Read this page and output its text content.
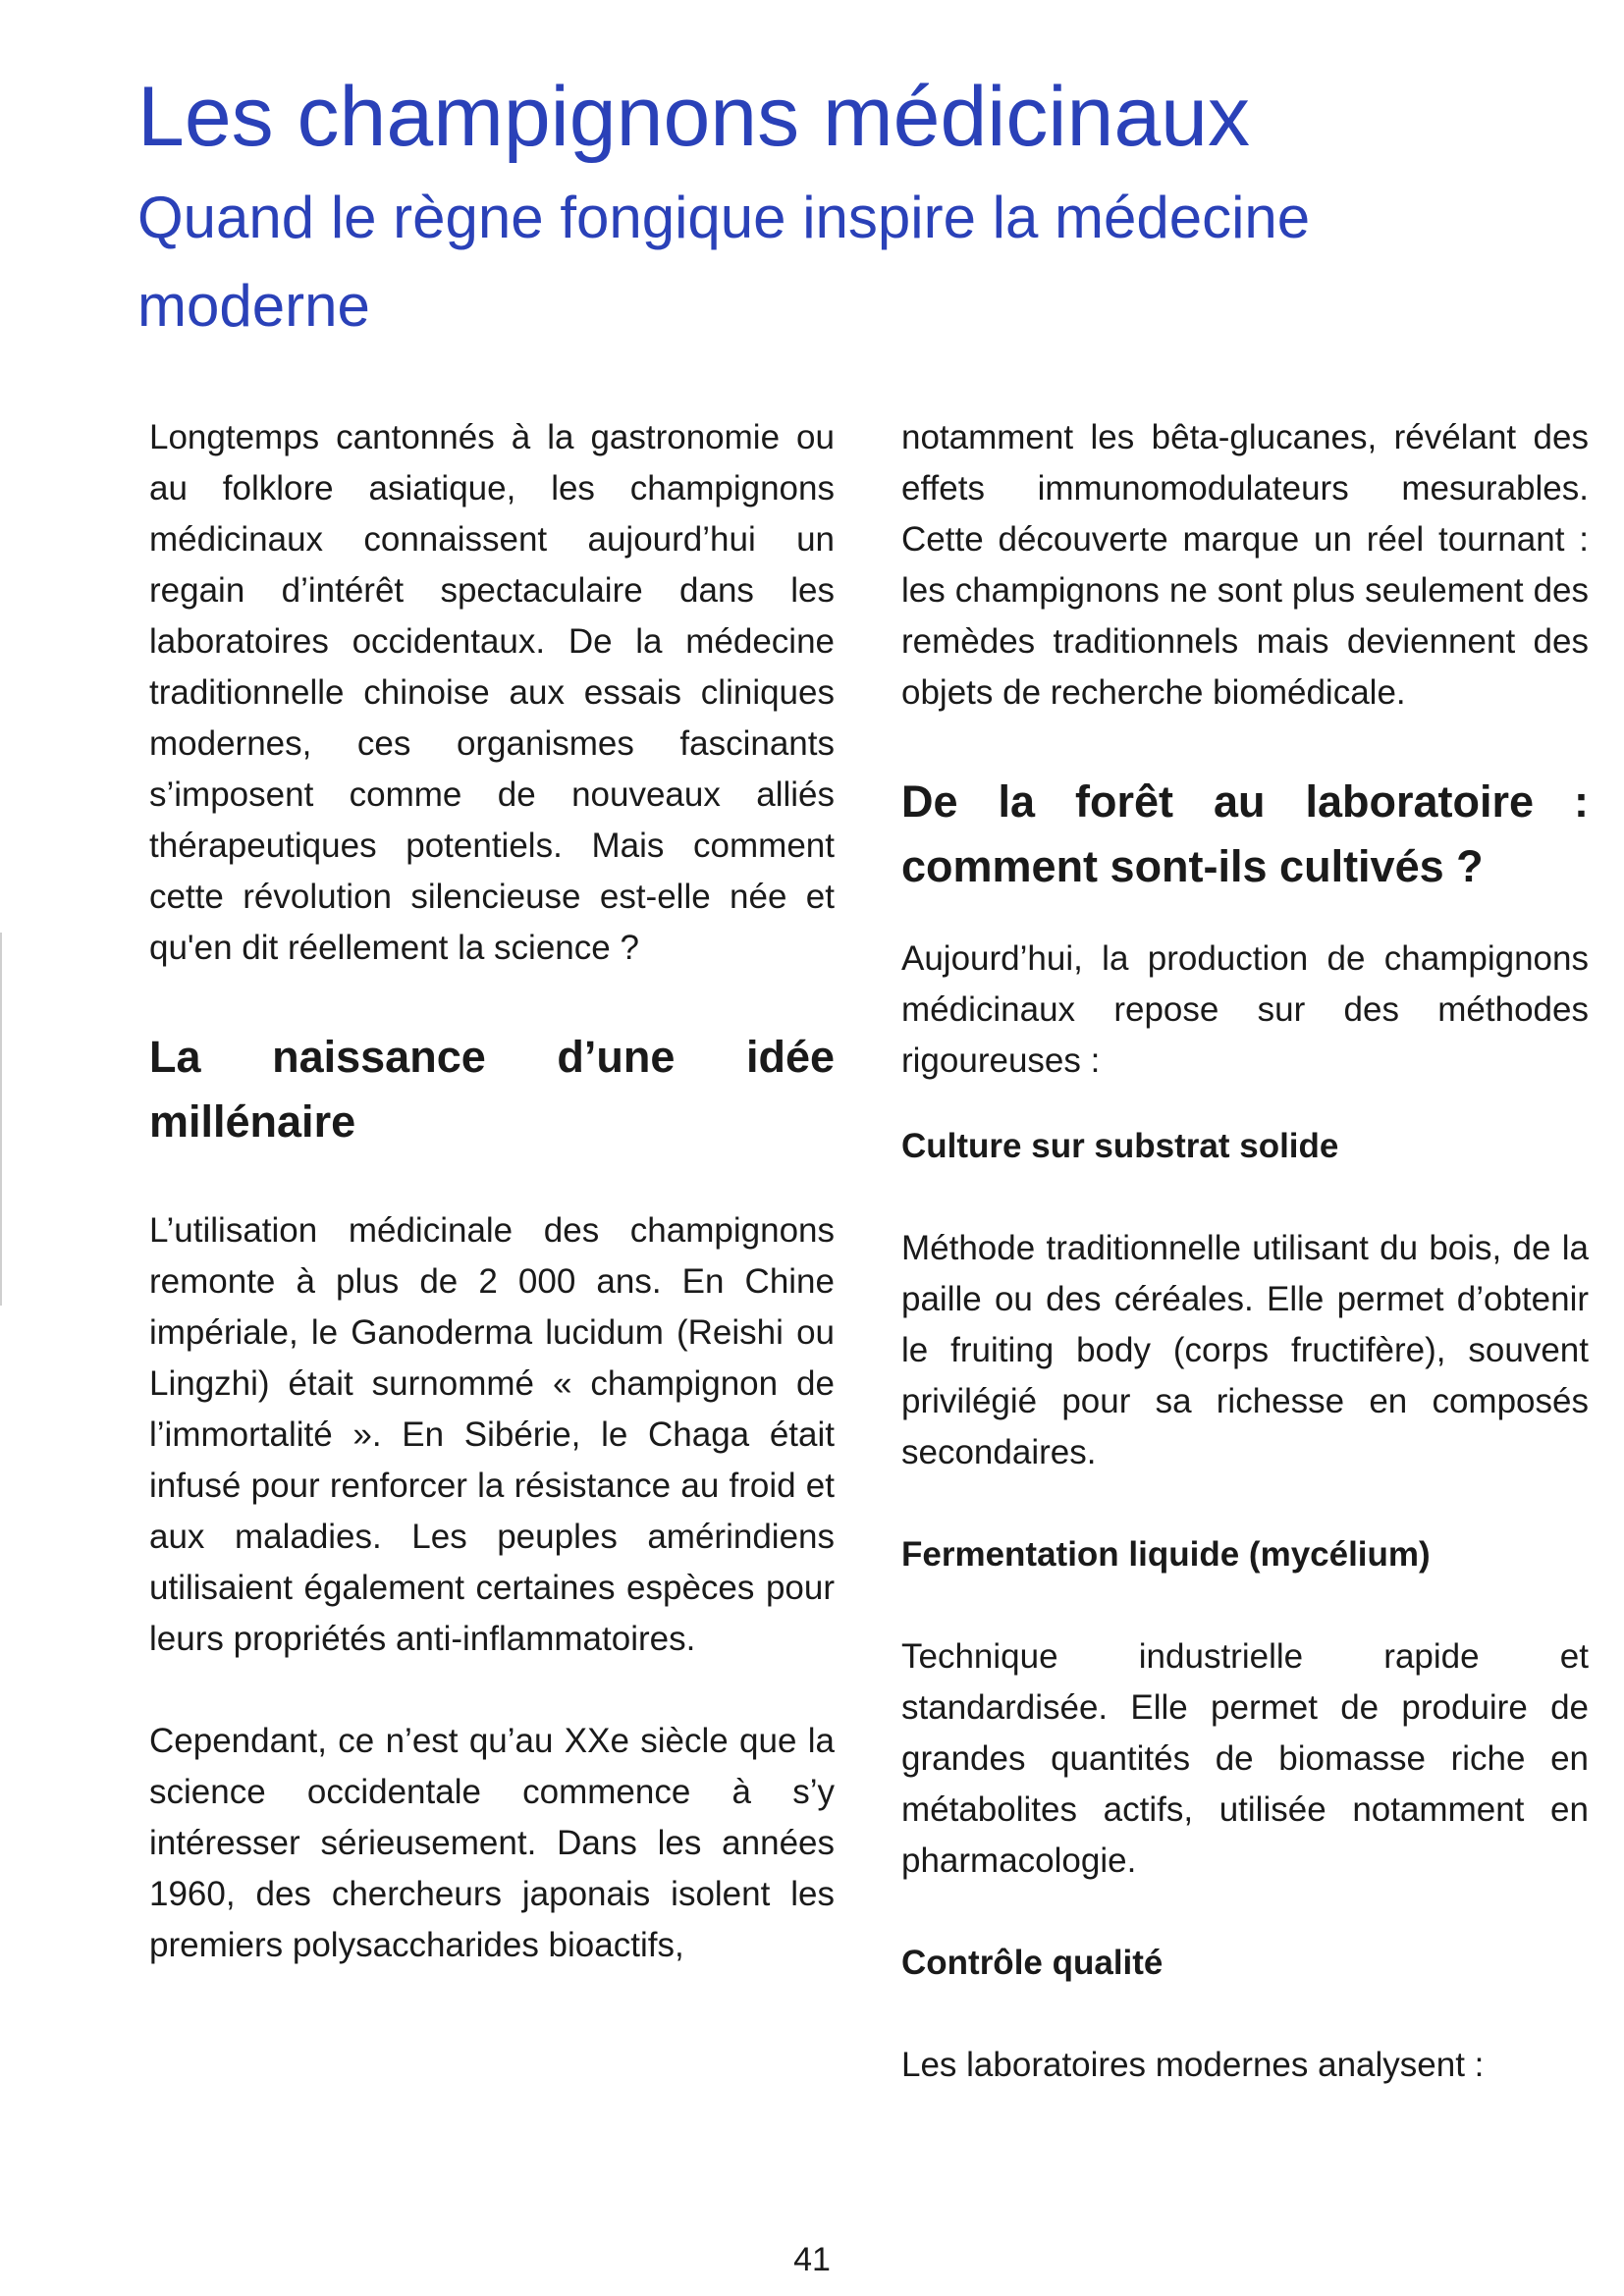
Les champignons médicinaux
Quand le règne fongique inspire la médecine moderne

Longtemps cantonnés à la gastronomie ou au folklore asiatique, les champignons médicinaux connaissent aujourd’hui un regain d’intérêt spectaculaire dans les laboratoires occidentaux. De la médecine traditionnelle chinoise aux essais cliniques modernes, ces organismes fascinants s’imposent comme de nouveaux alliés thérapeutiques potentiels. Mais comment cette révolution silencieuse est-elle née et qu'en dit réellement la science ?

La naissance d’une idée millénaire

L’utilisation médicinale des champignons remonte à plus de 2 000 ans. En Chine impériale, le Ganoderma lucidum (Reishi ou Lingzhi) était surnommé « champignon de l’immortalité ». En Sibérie, le Chaga était infusé pour renforcer la résistance au froid et aux maladies. Les peuples amérindiens utilisaient également certaines espèces pour leurs propriétés anti-inflammatoires.

Cependant, ce n’est qu’au XXe siècle que la science occidentale commence à s’y intéresser sérieusement. Dans les années 1960, des chercheurs japonais isolent les premiers polysaccharides bioactifs,

notamment les bêta-glucanes, révélant des effets immunomodulateurs mesurables. Cette découverte marque un réel tournant : les champignons ne sont plus seulement des remèdes traditionnels mais deviennent des objets de recherche biomédicale.

De la forêt au laboratoire : comment sont-ils cultivés ?

Aujourd’hui, la production de champignons médicinaux repose sur des méthodes rigoureuses :

Culture sur substrat solide

Méthode traditionnelle utilisant du bois, de la paille ou des céréales. Elle permet d’obtenir le fruiting body (corps fructifère), souvent privilégié pour sa richesse en composés secondaires.

Fermentation liquide (mycélium)

Technique industrielle rapide et standardisée. Elle permet de produire de grandes quantités de biomasse riche en métabolites actifs, utilisée notamment en pharmacologie.

Contrôle qualité

Les laboratoires modernes analysent :

41
